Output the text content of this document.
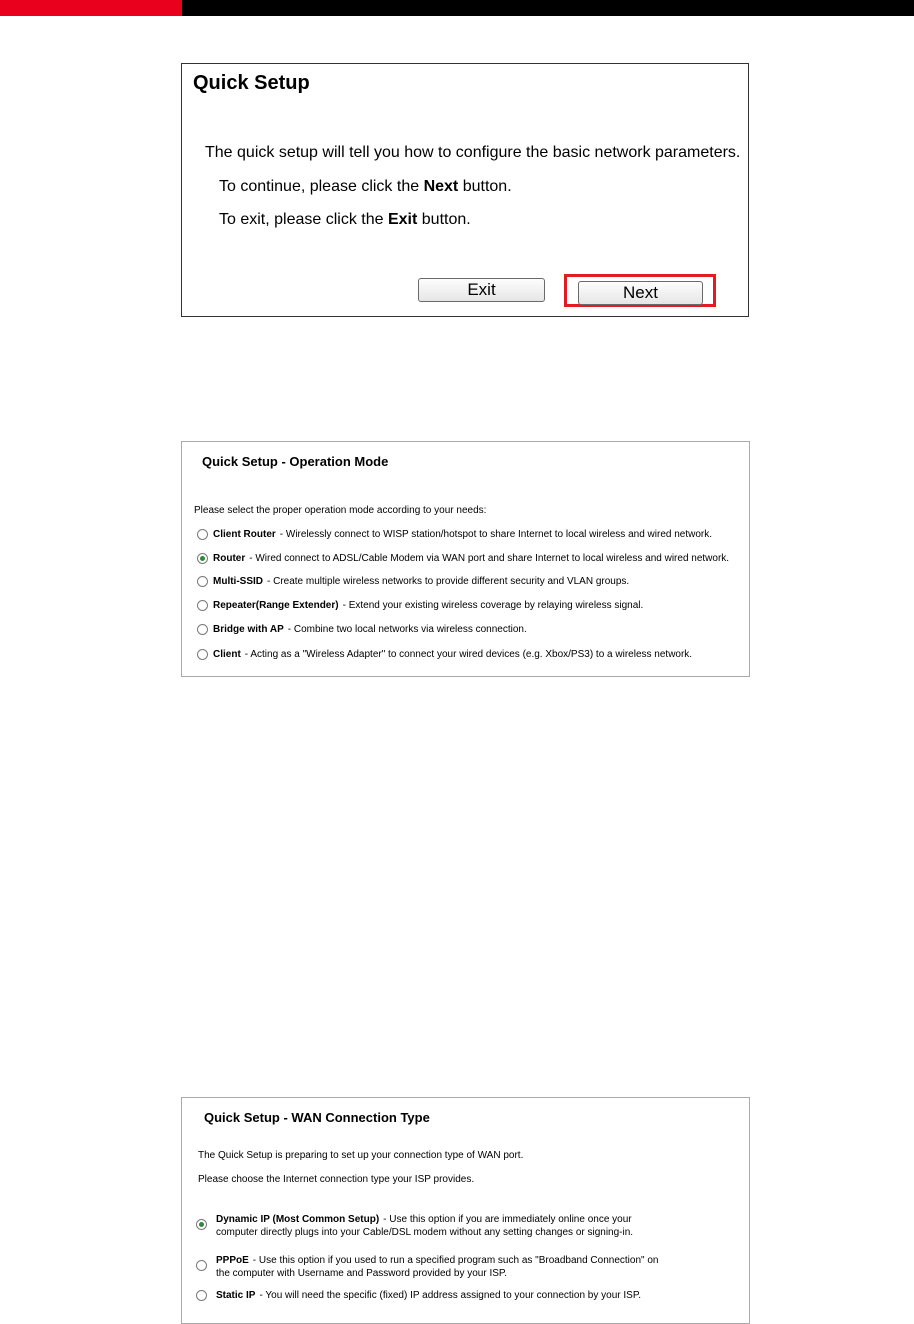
Quick Setup
The quick setup will tell you how to configure the basic network parameters.
To continue, please click the Next button.
To exit, please click the Exit button.
Exit	Next
Quick Setup - Operation Mode
Please select the proper operation mode according to your needs:
Client Router - Wirelessly connect to WISP station/hotspot to share Internet to local wireless and wired network.
Router - Wired connect to ADSL/Cable Modem via WAN port and share Internet to local wireless and wired network.
Multi-SSID - Create multiple wireless networks to provide different security and VLAN groups.
Repeater(Range Extender) - Extend your existing wireless coverage by relaying wireless signal.
Bridge with AP - Combine two local networks via wireless connection.
Client - Acting as a "Wireless Adapter" to connect your wired devices (e.g. Xbox/PS3) to a wireless network.
Quick Setup - WAN Connection Type
The Quick Setup is preparing to set up your connection type of WAN port.
Please choose the Internet connection type your ISP provides.
Dynamic IP (Most Common Setup) - Use this option if you are immediately online once your
computer directly plugs into your Cable/DSL modem without any setting changes or signing-in.
PPPoE - Use this option if you used to run a specified program such as "Broadband Connection" on
the computer with Username and Password provided by your ISP.
Static IP - You will need the specific (fixed) IP address assigned to your connection by your ISP.
